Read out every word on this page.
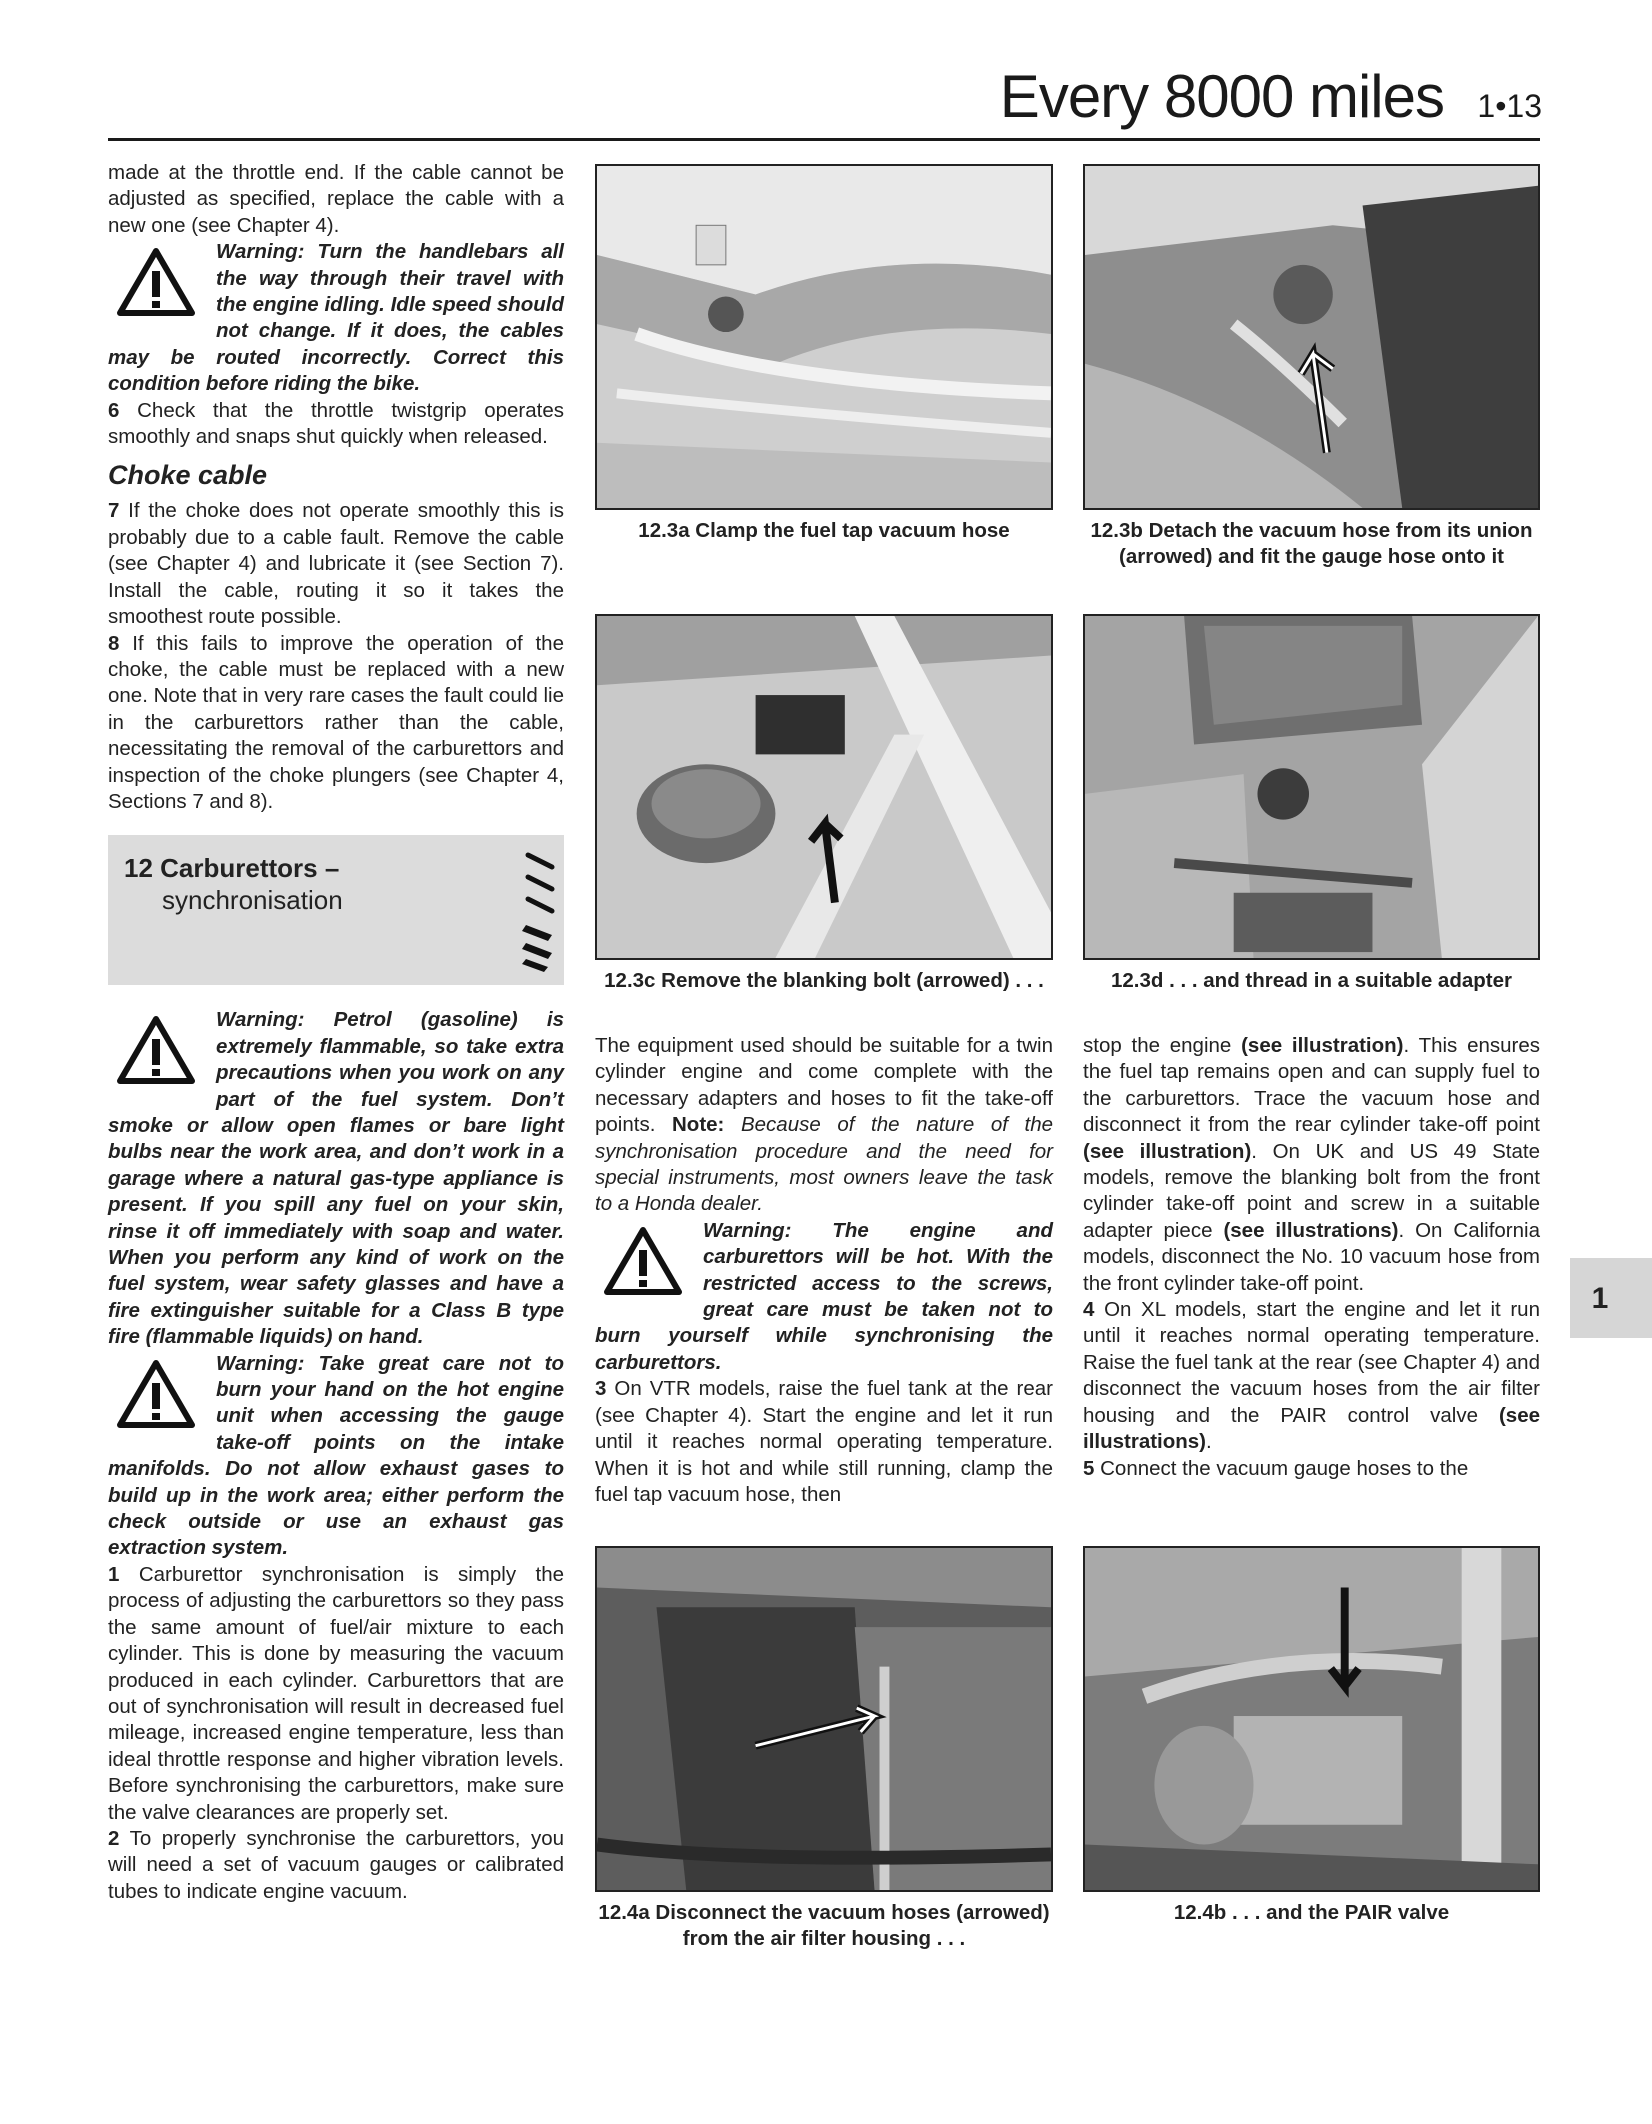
Every 8000 miles 1•13

made at the throttle end. If the cable cannot be adjusted as specified, replace the cable with a new one (see Chapter 4).

Warning: Turn the handlebars all the way through their travel with the engine idling. Idle speed should not change. If it does, the cables may be routed incorrectly. Correct this condition before riding the bike.

6 Check that the throttle twistgrip operates smoothly and snaps shut quickly when released.

Choke cable

7 If the choke does not operate smoothly this is probably due to a cable fault. Remove the cable (see Chapter 4) and lubricate it (see Section 7). Install the cable, routing it so it takes the smoothest route possible.

8 If this fails to improve the operation of the choke, the cable must be replaced with a new one. Note that in very rare cases the fault could lie in the carburettors rather than the cable, necessitating the removal of the carburettors and inspection of the choke plungers (see Chapter 4, Sections 7 and 8).

12 Carburettors –
synchronisation

Warning: Petrol (gasoline) is extremely flammable, so take extra precautions when you work on any part of the fuel system. Don’t smoke or allow open flames or bare light bulbs near the work area, and don’t work in a garage where a natural gas-type appliance is present. If you spill any fuel on your skin, rinse it off immediately with soap and water. When you perform any kind of work on the fuel system, wear safety glasses and have a fire extinguisher suitable for a Class B type fire (flammable liquids) on hand.

Warning: Take great care not to burn your hand on the hot engine unit when accessing the gauge take-off points on the intake manifolds. Do not allow exhaust gases to build up in the work area; either perform the check outside or use an exhaust gas extraction system.

1 Carburettor synchronisation is simply the process of adjusting the carburettors so they pass the same amount of fuel/air mixture to each cylinder. This is done by measuring the vacuum produced in each cylinder. Carburettors that are out of synchronisation will result in decreased fuel mileage, increased engine temperature, less than ideal throttle response and higher vibration levels. Before synchronising the carburettors, make sure the valve clearances are properly set.

2 To properly synchronise the carburettors, you will need a set of vacuum gauges or calibrated tubes to indicate engine vacuum.

12.3a Clamp the fuel tap vacuum hose	12.3b Detach the vacuum hose from its union (arrowed) and fit the gauge hose onto it
12.3c Remove the blanking bolt (arrowed) . . .	12.3d . . . and thread in a suitable adapter
12.4a Disconnect the vacuum hoses (arrowed) from the air filter housing . . .
12.4b . . . and the PAIR valve

The equipment used should be suitable for a twin cylinder engine and come complete with the necessary adapters and hoses to fit the take-off points. Note: Because of the nature of the synchronisation procedure and the need for special instruments, most owners leave the task to a Honda dealer.

Warning: The engine and carburettors will be hot. With the restricted access to the screws, great care must be taken not to burn yourself while synchronising the carburettors.

3 On VTR models, raise the fuel tank at the rear (see Chapter 4). Start the engine and let it run until it reaches normal operating temperature. When it is hot and while still running, clamp the fuel tap vacuum hose, then

stop the engine (see illustration). This ensures the fuel tap remains open and can supply fuel to the carburettors. Trace the vacuum hose and disconnect it from the rear cylinder take-off point (see illustration). On UK and US 49 State models, remove the blanking bolt from the front cylinder take-off point and screw in a suitable adapter piece (see illustrations). On California models, disconnect the No. 10 vacuum hose from the front cylinder take-off point.

4 On XL models, start the engine and let it run until it reaches normal operating temperature. Raise the fuel tank at the rear (see Chapter 4) and disconnect the vacuum hoses from the air filter housing and the PAIR control valve (see illustrations).

5 Connect the vacuum gauge hoses to the

1
